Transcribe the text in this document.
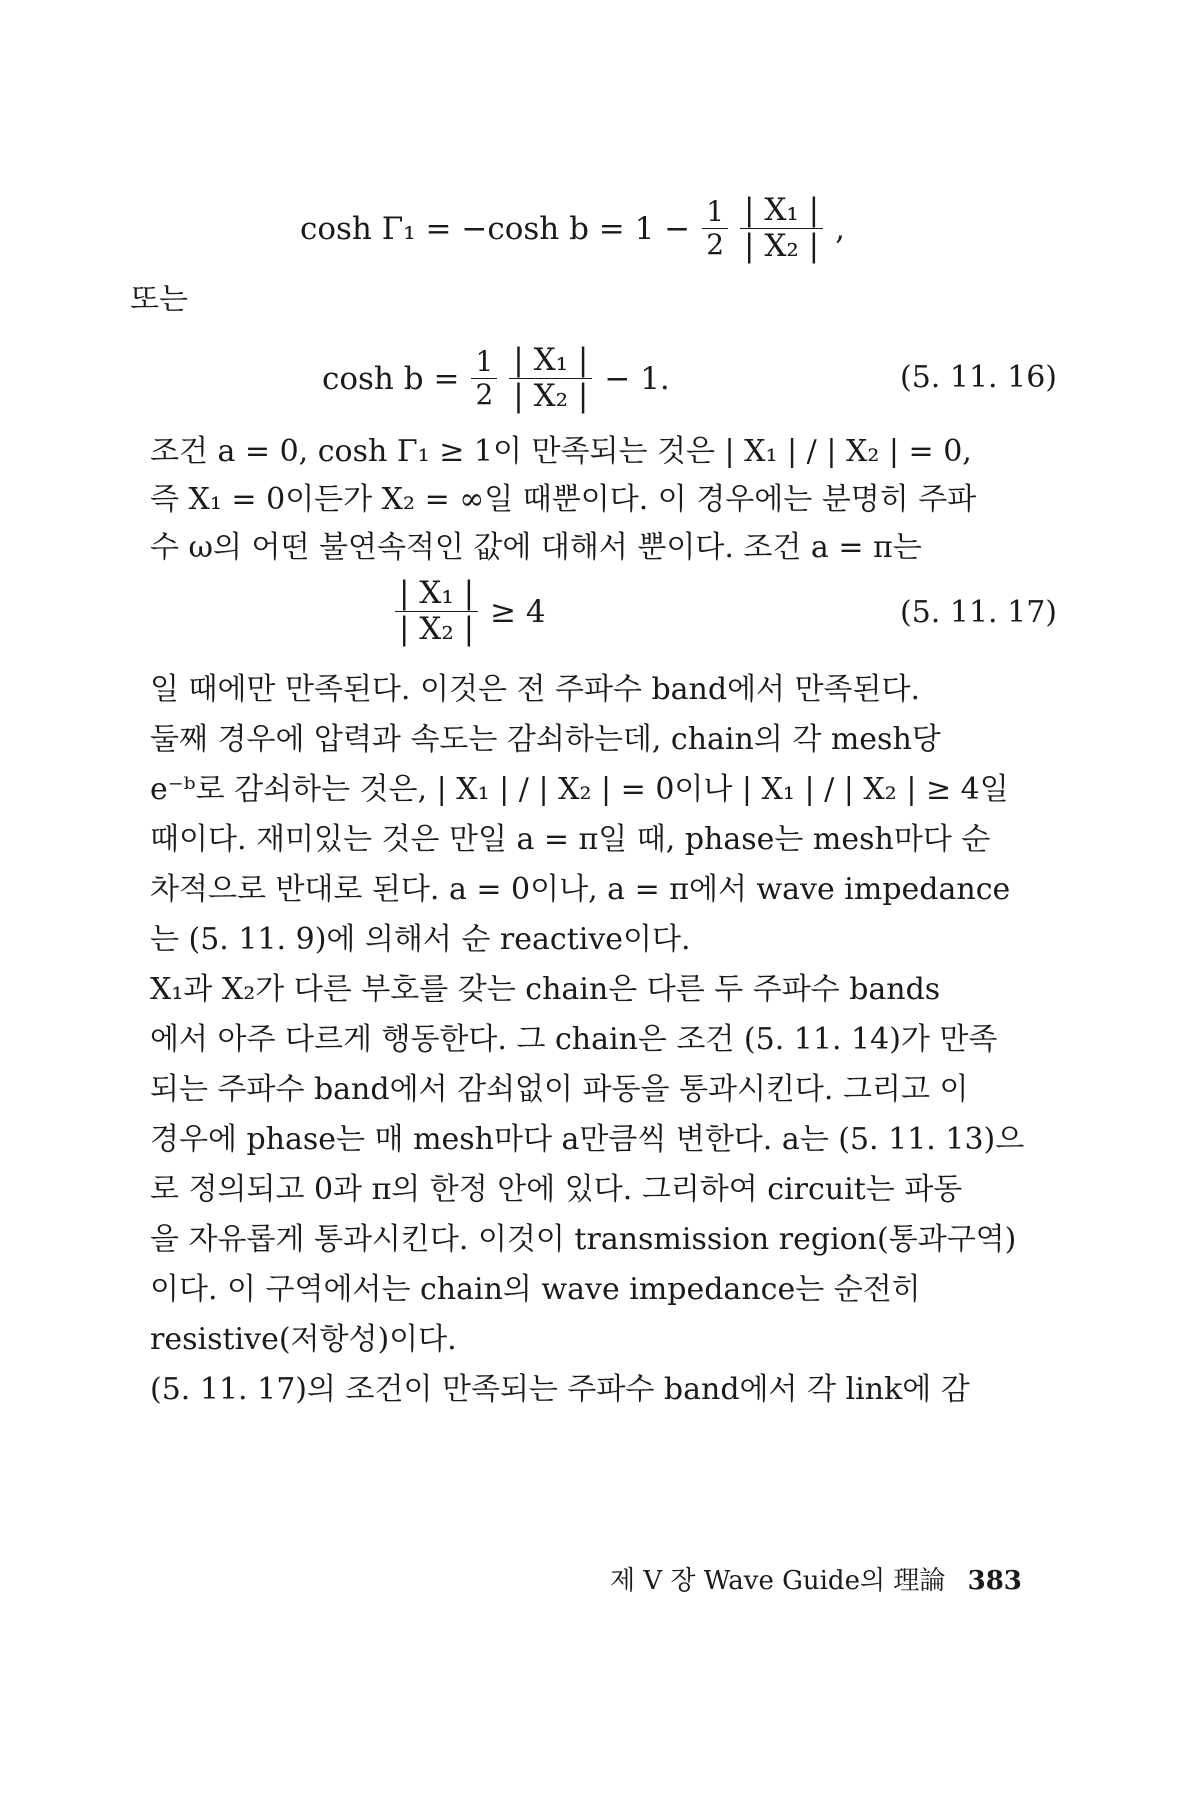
cosh Γ₁ = −cosh $b = 1 - \frac{1}{2} \frac{\text{| X₁ |}}{\text{| X₂ |}}$ ,
또는
$\cosh b = \frac{1}{2} \frac{\text{| X₁ |}}{\text{| X₂ |}} - 1$.	(5. 11. 16)
조건 a = 0, cosh Γ₁ ≥ 1이 만족되는 것은 | X₁ | / | X₂ | = 0,
즉 X₁ = 0이든가 X₂ = ∞일 때뿐이다. 이 경우에는 분명히 주파
수 ω의 어떤 불연속적인 값에 대해서 뿐이다. 조건 a = π는
$\frac{\text{| X₁ |}}{\text{| X₂ |}} \ge 4$	(5. 11. 17)
일 때에만 만족된다. 이것은 전 주파수 band에서 만족된다.
둘째 경우에 압력과 속도는 감쇠하는데, chain의 각 mesh당
e⁻ᵇ로 감쇠하는 것은, | X₁ | / | X₂ | = 0이나 | X₁ | / | X₂ | ≥ 4일
때이다. 재미있는 것은 만일 a = π일 때, phase는 mesh마다 순
차적으로 반대로 된다. a = 0이나, a = π에서 wave impedance
는 (5. 11. 9)에 의해서 순 reactive이다.
X₁과 X₂가 다른 부호를 갖는 chain은 다른 두 주파수 bands
에서 아주 다르게 행동한다. 그 chain은 조건 (5. 11. 14)가 만족
되는 주파수 band에서 감쇠없이 파동을 통과시킨다. 그리고 이
경우에 phase는 매 mesh마다 a만큼씩 변한다. a는 (5. 11. 13)으
로 정의되고 0과 π의 한정 안에 있다. 그리하여 circuit는 파동
을 자유롭게 통과시킨다. 이것이 transmission region(통과구역)
이다. 이 구역에서는 chain의 wave impedance는 순전히
resistive(저항성)이다.
(5. 11. 17)의 조건이 만족되는 주파수 band에서 각 link에 감
제 Ⅴ 장 Wave Guide의 理論 383
